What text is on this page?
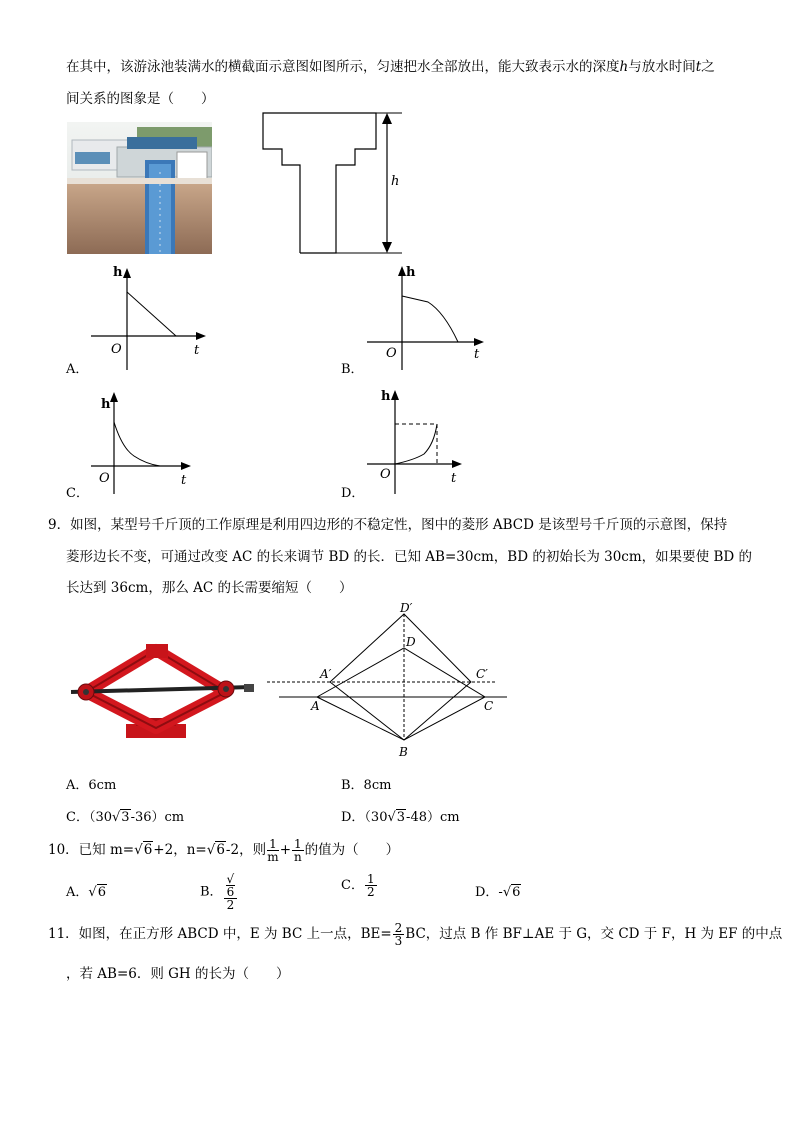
在其中，该游泳池装满水的横截面示意图如图所示，匀速把水全部放出，能大致表示水的深度h与放水时间t之
间关系的图象是（　　）
h
h
O	t
A．
h
O	t
B．
h
O	t
C．
h
O	t
D．
9．如图，某型号千斤顶的工作原理是利用四边形的不稳定性，图中的菱形 ABCD 是该型号千斤顶的示意图，保持
菱形边长不变，可通过改变 AC 的长来调节 BD 的长．已知 AB=30cm，BD 的初始长为 30cm，如果要使 BD 的
长达到 36cm，那么 AC 的长需要缩短（　　）
D′
D
A′	C′
A	C
B
A．6cm	B．8cm
C．（30√3-36）cm	D．（30√3-48）cm
10．已知 m=√6+2，n=√6-2，则 $\frac{1}{m} + \frac{1}{n}$ 的值为（　　）
A．√6	B． √
6
2	C． $\frac{1}{2}$	D．-√6
11．如图，在正方形 ABCD 中，E 为 BC 上一点，$BE= \frac{2}{3}$ BC，过点 B 作 BF⊥AE 于 G，交 CD 于 F，H 为 EF 的中点
，若 AB=6．则 GH 的长为（　　）
